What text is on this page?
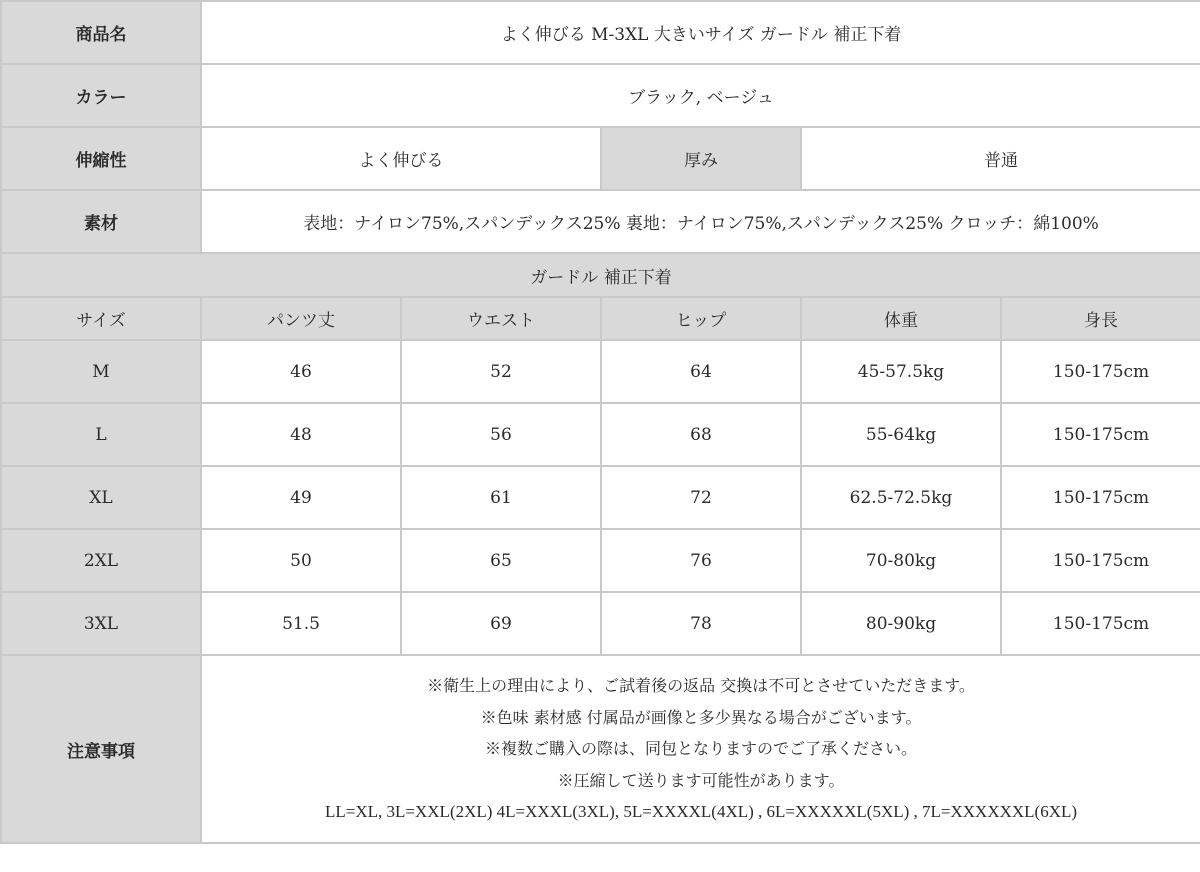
商品名	よく伸びる M-3XL 大きいサイズ ガードル 補正下着				
カラー	ブラック, ベージュ				
伸縮性	よく伸びる		厚み	普通	
素材	表地：ナイロン75%,スパンデックス25% 裏地：ナイロン75%,スパンデックス25% クロッチ：綿100%				
ガードル 補正下着					
サイズ	パンツ丈	ウエスト	ヒップ	体重	身長
M	46	52	64	45-57.5kg	150-175cm
L	48	56	68	55-64kg	150-175cm
XL	49	61	72	62.5-72.5kg	150-175cm
2XL	50	65	76	70-80kg	150-175cm
3XL	51.5	69	78	80-90kg	150-175cm
注意事項	※衛生上の理由により、ご試着後の返品 交換は不可とさせていただきます。
※色味 素材感 付属品が画像と多少異なる場合がございます。
※複数ご購入の際は、同包となりますのでご了承ください。
※圧縮して送ります可能性があります。
LL=XL, 3L=XXL(2XL) 4L=XXXL(3XL), 5L=XXXXL(4XL) , 6L=XXXXXL(5XL) , 7L=XXXXXXL(6XL)				
